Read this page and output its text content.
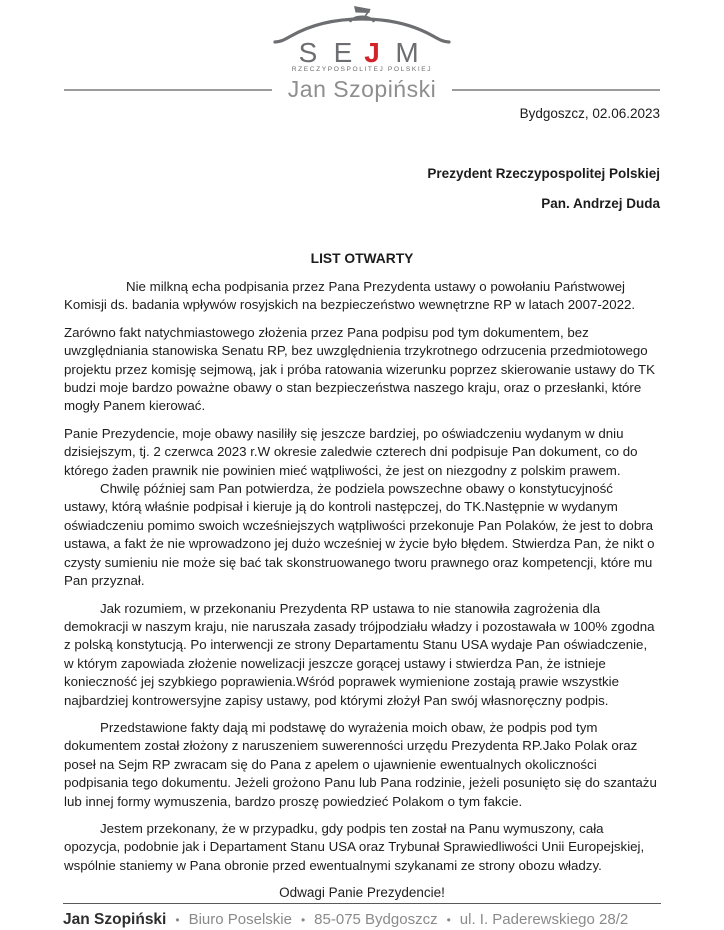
S E J M
RZECZYPOSPOLITEJ POLSKIEJ
Jan Szopiński
Bydgoszcz, 02.06.2023
Prezydent Rzeczypospolitej Polskiej
Pan. Andrzej Duda
LIST OTWARTY

Nie milkną echa podpisania przez Pana Prezydenta ustawy o powołaniu Państwowej Komisji ds. badania wpływów rosyjskich na bezpieczeństwo wewnętrzne RP w latach 2007-2022.

Zarówno fakt natychmiastowego złożenia przez Pana podpisu pod tym dokumentem, bez uwzględniania stanowiska Senatu RP, bez uwzględnienia trzykrotnego odrzucenia przedmiotowego projektu przez komisję sejmową, jak i próba ratowania wizerunku poprzez skierowanie ustawy do TK budzi moje bardzo poważne obawy o stan bezpieczeństwa naszego kraju, oraz o przesłanki, które mogły Panem kierować.

Panie Prezydencie, moje obawy nasiliły się jeszcze bardziej, po oświadczeniu wydanym w dniu dzisiejszym, tj. 2 czerwca 2023 r.W okresie zaledwie czterech dni podpisuje Pan dokument, co do którego żaden prawnik nie powinien mieć wątpliwości, że jest on niezgodny z polskim prawem.

Chwilę później sam Pan potwierdza, że podziela powszechne obawy o konstytucyjność ustawy, którą właśnie podpisał i kieruje ją do kontroli następczej, do TK.Następnie w wydanym oświadczeniu pomimo swoich wcześniejszych wątpliwości przekonuje Pan Polaków, że jest to dobra ustawa, a fakt że nie wprowadzono jej dużo wcześniej w życie było błędem. Stwierdza Pan, że nikt o czysty sumieniu nie może się bać tak skonstruowanego tworu prawnego oraz kompetencji, które mu Pan przyznał.

Jak rozumiem, w przekonaniu Prezydenta RP ustawa to nie stanowiła zagrożenia dla demokracji w naszym kraju, nie naruszała zasady trójpodziału władzy i pozostawała w 100% zgodna z polską konstytucją. Po interwencji ze strony Departamentu Stanu USA wydaje Pan oświadczenie, w którym zapowiada złożenie nowelizacji jeszcze gorącej ustawy i stwierdza Pan, że istnieje konieczność jej szybkiego poprawienia.Wśród poprawek wymienione zostają prawie wszystkie najbardziej kontrowersyjne zapisy ustawy, pod którymi złożył Pan swój własnoręczny podpis.

Przedstawione fakty dają mi podstawę do wyrażenia moich obaw, że podpis pod tym dokumentem został złożony z naruszeniem suwerenności urzędu Prezydenta RP.Jako Polak oraz poseł na Sejm RP zwracam się do Pana z apelem o ujawnienie ewentualnych okoliczności podpisania tego dokumentu. Jeżeli grożono Panu lub Pana rodzinie, jeżeli posunięto się do szantażu lub innej formy wymuszenia, bardzo proszę powiedzieć Polakom o tym fakcie.

Jestem przekonany, że w przypadku, gdy podpis ten został na Panu wymuszony, cała opozycja, podobnie jak i Departament Stanu USA oraz Trybunał Sprawiedliwości Unii Europejskiej, wspólnie staniemy w Pana obronie przed ewentualnymi szykanami ze strony obozu władzy.

Odwagi Panie Prezydencie!
Jan Szopiński • Biuro Poselskie • 85-075 Bydgoszcz • ul. I. Paderewskiego 28/2
